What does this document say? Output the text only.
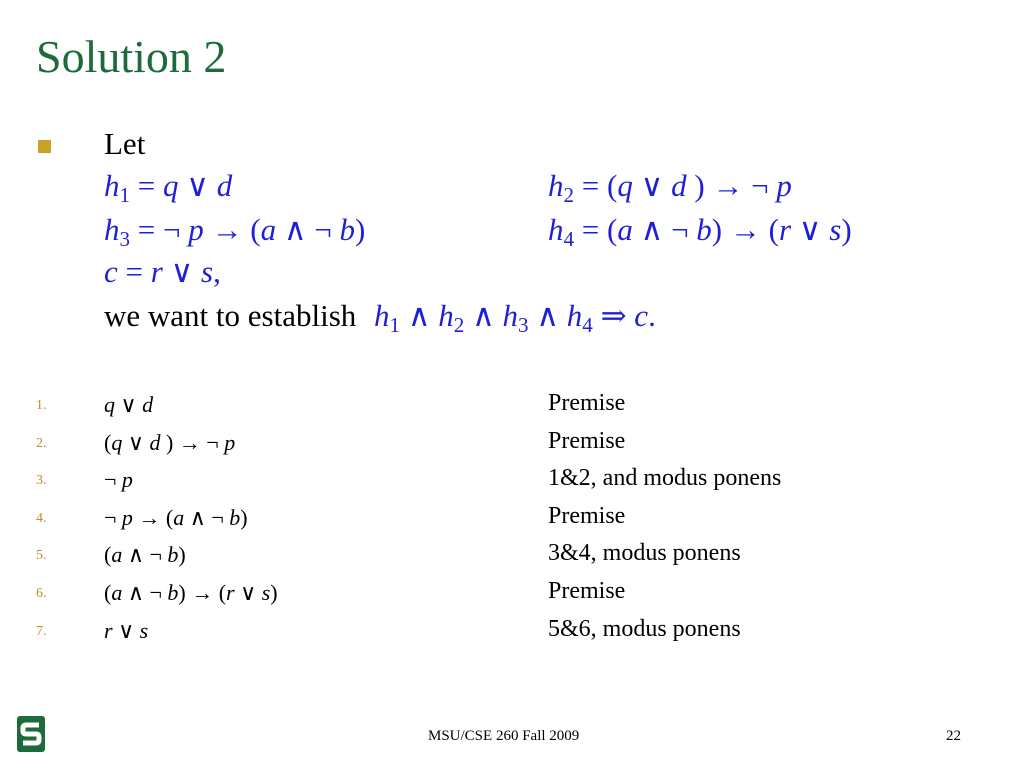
Solution 2
Let
$h_1 = q$ ∨ d	$h_2 = (q$ ∨ d ) → ¬ p
$h_3$ = ¬ p → (a ∧ ¬ b)	$h_4 = (a$ ∧ ¬ b) → (r ∨ s)
c = r ∨ s,
we want to establish $h_1$ ∧ $h_2$ ∧ $h_3$ ∧ $h_4$ ⇒ c.
1.	q ∨ d	Premise
2.	(q ∨ d ) → ¬ p	Premise
3.	¬ p	1&2, and modus ponens
4.	¬ p → (a ∧ ¬ b)	Premise
5.	(a ∧ ¬ b)	3&4, modus ponens
6.	(a ∧ ¬ b) → (r ∨ s)	Premise
7.	r ∨ s	5&6, modus ponens
MSU/CSE 260 Fall 2009	22
